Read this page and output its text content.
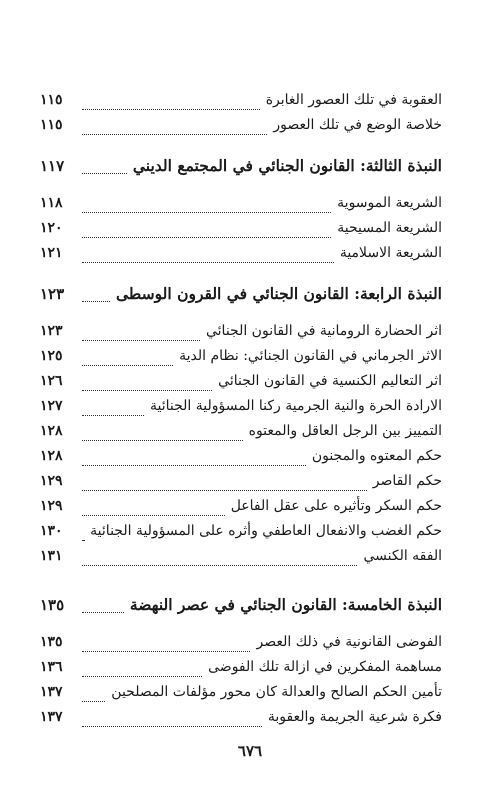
العقوبة في تلك العصور الغابرة
١١٥
خلاصة الوضع في تلك العصور
١١٥
النبذة الثالثة: القانون الجنائي في المجتمع الديني
١١٧
الشريعة الموسوية
١١٨
الشريعة المسيحية
١٢٠
الشريعة الاسلامية
١٢١
النبذة الرابعة: القانون الجنائي في القرون الوسطى
١٢٣
اثر الحضارة الرومانية في القانون الجنائي
١٢٣
الاثر الجرماني في القانون الجنائي: نظام الدية
١٢٥
اثر التعاليم الكنسية في القانون الجنائي
١٢٦
الارادة الحرة والنية الجرمية ركنا المسؤولية الجنائية
١٢٧
التمييز بين الرجل العاقل والمعتوه
١٢٨
حكم المعتوه والمجنون
١٢٨
حكم القاصر
١٢٩
حكم السكر وتأثيره على عقل الفاعل
١٢٩
حكم الغضب والانفعال العاطفي وأثره على المسؤولية الجنائية
١٣٠
الفقه الكنسي
١٣١
النبذة الخامسة: القانون الجنائي في عصر النهضة
١٣٥
الفوضى القانونية في ذلك العصر
١٣٥
مساهمة المفكرين في ازالة تلك الفوضى
١٣٦
تأمين الحكم الصالح والعدالة كان محور مؤلفات المصلحين
١٣٧
فكرة شرعية الجريمة والعقوبة
١٣٧
٦٧٦
